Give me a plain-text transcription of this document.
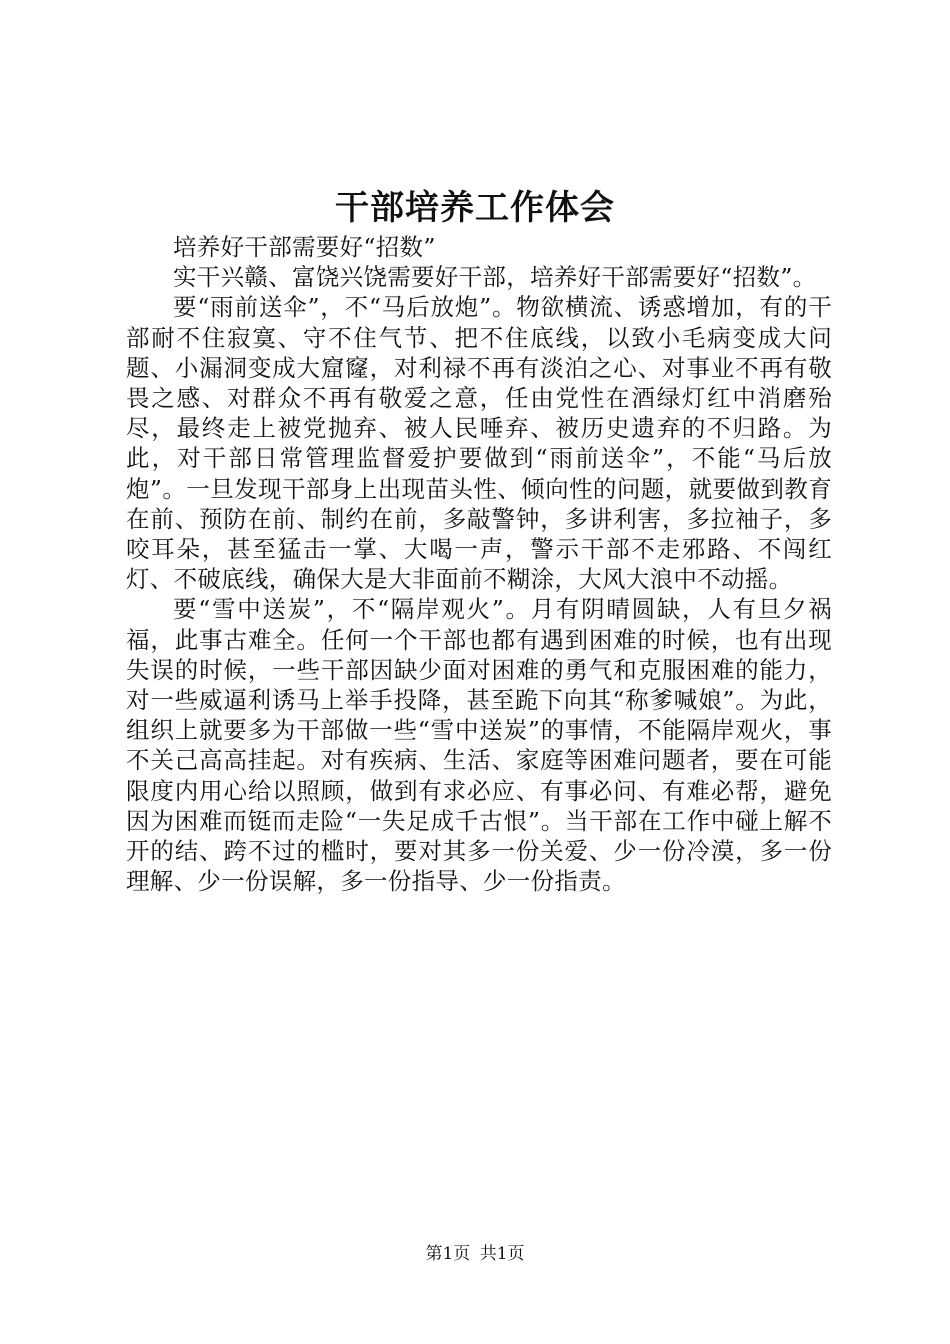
干部培养工作体会

培养好干部需要好“招数”

实干兴赣、富饶兴饶需要好干部，培养好干部需要好“招数”。

要“雨前送伞”，不“马后放炮”。物欲横流、诱惑增加，有的干部耐不住寂寞、守不住气节、把不住底线，以致小毛病变成大问题、小漏洞变成大窟窿，对利禄不再有淡泊之心、对事业不再有敬畏之感、对群众不再有敬爱之意，任由党性在酒绿灯红中消磨殆尽，最终走上被党抛弃、被人民唾弃、被历史遗弃的不归路。为此，对干部日常管理监督爱护要做到“雨前送伞”，不能“马后放炮”。一旦发现干部身上出现苗头性、倾向性的问题，就要做到教育在前、预防在前、制约在前，多敲警钟，多讲利害，多拉袖子，多咬耳朵，甚至猛击一掌、大喝一声，警示干部不走邪路、不闯红灯、不破底线，确保大是大非面前不糊涂，大风大浪中不动摇。

要“雪中送炭”，不“隔岸观火”。月有阴晴圆缺，人有旦夕祸福，此事古难全。任何一个干部也都有遇到困难的时候，也有出现失误的时候，一些干部因缺少面对困难的勇气和克服困难的能力，对一些威逼利诱马上举手投降，甚至跪下向其“称爹喊娘”。为此，组织上就要多为干部做一些“雪中送炭”的事情，不能隔岸观火，事不关己高高挂起。对有疾病、生活、家庭等困难问题者，要在可能限度内用心给以照顾，做到有求必应、有事必问、有难必帮，避免因为困难而铤而走险“一失足成千古恨”。当干部在工作中碰上解不开的结、跨不过的槛时，要对其多一份关爱、少一份冷漠，多一份理解、少一份误解，多一份指导、少一份指责。

第1页 共1页
